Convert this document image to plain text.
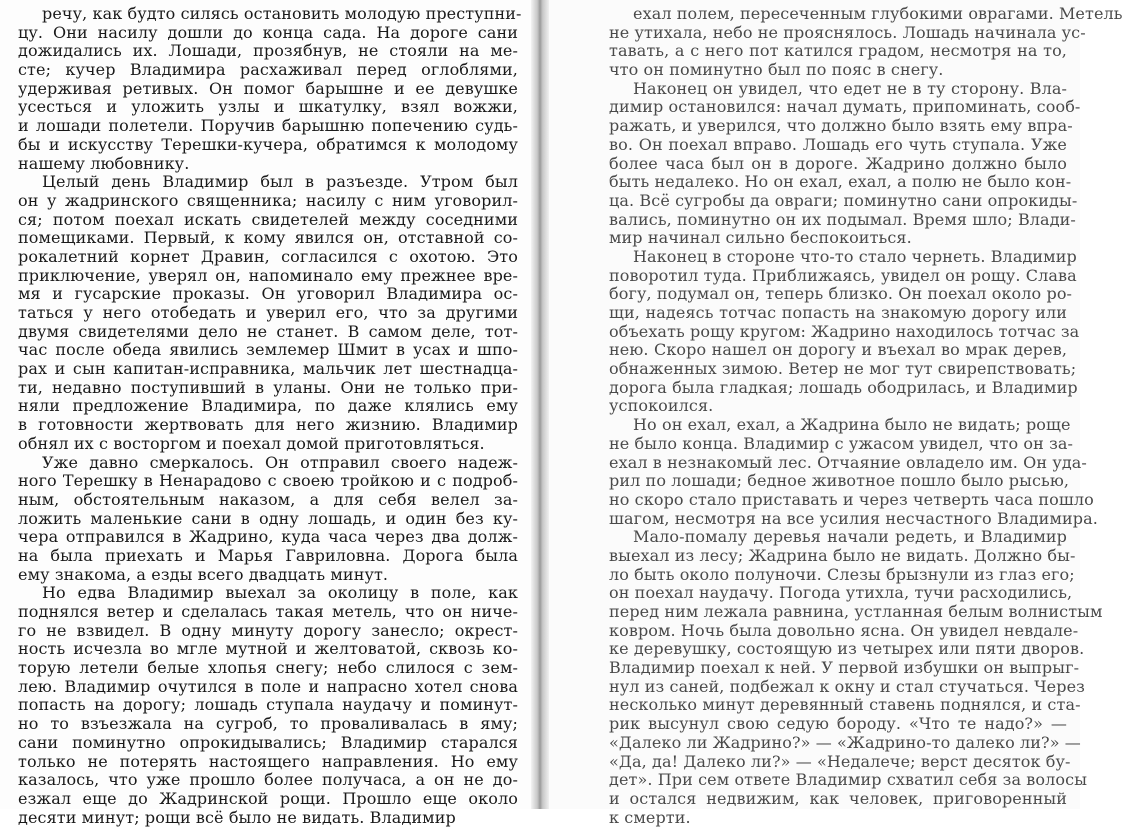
речу, как будто силясь остановить молодую преступни-
цу. Они насилу дошли до конца сада. На дороге сани
дожидались их. Лошади, прозябнув, не стояли на ме-
сте; кучер Владимира расхаживал перед оглоблями,
удерживая ретивых. Он помог барышне и ее девушке
усесться и уложить узлы и шкатулку, взял вожжи,
и лошади полетели. Поручив барышню попечению судь-
бы и искусству Терешки-кучера, обратимся к молодому
нашему любовнику.
Целый день Владимир был в разъезде. Утром был
он у жадринского священника; насилу с ним уговорил-
ся; потом поехал искать свидетелей между соседними
помещиками. Первый, к кому явился он, отставной со-
рокалетний корнет Дравин, согласился с охотою. Это
приключение, уверял он, напоминало ему прежнее вре-
мя и гусарские проказы. Он уговорил Владимира ос-
таться у него отобедать и уверил его, что за другими
двумя свидетелями дело не станет. В самом деле, тот-
час после обеда явились землемер Шмит в усах и шпо-
рах и сын капитан-исправника, мальчик лет шестнадца-
ти, недавно поступивший в уланы. Они не только при-
няли предложение Владимира, по даже клялись ему
в готовности жертвовать для него жизнию. Владимир
обнял их с восторгом и поехал домой приготовляться.
Уже давно смеркалось. Он отправил своего надеж-
ного Терешку в Ненарадово с своею тройкою и с подроб-
ным, обстоятельным наказом, а для себя велел за-
ложить маленькие сани в одну лошадь, и один без ку-
чера отправился в Жадрино, куда часа через два долж-
на была приехать и Марья Гавриловна. Дорога была
ему знакома, а езды всего двадцать минут.
Но едва Владимир выехал за околицу в поле, как
поднялся ветер и сделалась такая метель, что он ниче-
го не взвидел. В одну минуту дорогу занесло; окрест-
ность исчезла во мгле мутной и желтоватой, сквозь ко-
торую летели белые хлопья снегу; небо слилося с зем-
лею. Владимир очутился в поле и напрасно хотел снова
попасть на дорогу; лошадь ступала наудачу и поминут-
но то взъезжала на сугроб, то проваливалась в яму;
сани поминутно опрокидывались; Владимир старался
только не потерять настоящего направления. Но ему
казалось, что уже прошло более получаса, а он не до-
езжал еще до Жадринской рощи. Прошло еще около
десяти минут; рощи всё было не видать. Владимир
ехал полем, пересеченным глубокими оврагами. Метель
не утихала, небо не прояснялось. Лошадь начинала ус-
тавать, а с него пот катился градом, несмотря на то,
что он поминутно был по пояс в снегу.
Наконец он увидел, что едет не в ту сторону. Вла-
димир остановился: начал думать, припоминать, сооб-
ражать, и уверился, что должно было взять ему впра-
во. Он поехал вправо. Лошадь его чуть ступала. Уже
более часа был он в дороге. Жадрино должно было
быть недалеко. Но он ехал, ехал, а полю не было кон-
ца. Всё сугробы да овраги; поминутно сани опрокиды-
вались, поминутно он их подымал. Время шло; Влади-
мир начинал сильно беспокоиться.
Наконец в стороне что-то стало чернеть. Владимир
поворотил туда. Приближаясь, увидел он рощу. Слава
богу, подумал он, теперь близко. Он поехал около ро-
щи, надеясь тотчас попасть на знакомую дорогу или
объехать рощу кругом: Жадрино находилось тотчас за
нею. Скоро нашел он дорогу и въехал во мрак дерев,
обнаженных зимою. Ветер не мог тут свирепствовать;
дорога была гладкая; лошадь ободрилась, и Владимир
успокоился.
Но он ехал, ехал, а Жадрина было не видать; роще
не было конца. Владимир с ужасом увидел, что он за-
ехал в незнакомый лес. Отчаяние овладело им. Он уда-
рил по лошади; бедное животное пошло было рысью,
но скоро стало приставать и через четверть часа пошло
шагом, несмотря на все усилия несчастного Владимира.
Мало-помалу деревья начали редеть, и Владимир
выехал из лесу; Жадрина было не видать. Должно бы-
ло быть около полуночи. Слезы брызнули из глаз его;
он поехал наудачу. Погода утихла, тучи расходились,
перед ним лежала равнина, устланная белым волнистым
ковром. Ночь была довольно ясна. Он увидел невдале-
ке деревушку, состоящую из четырех или пяти дворов.
Владимир поехал к ней. У первой избушки он выпрыг-
нул из саней, подбежал к окну и стал стучаться. Через
несколько минут деревянный ставень поднялся, и ста-
рик высунул свою седую бороду. «Что те надо?» —
«Далеко ли Жадрино?» — «Жадрино-то далеко ли?» —
«Да, да! Далеко ли?» — «Недалече; верст десяток бу-
дет». При сем ответе Владимир схватил себя за волосы
и остался недвижим, как человек, приговоренный
к смерти.
